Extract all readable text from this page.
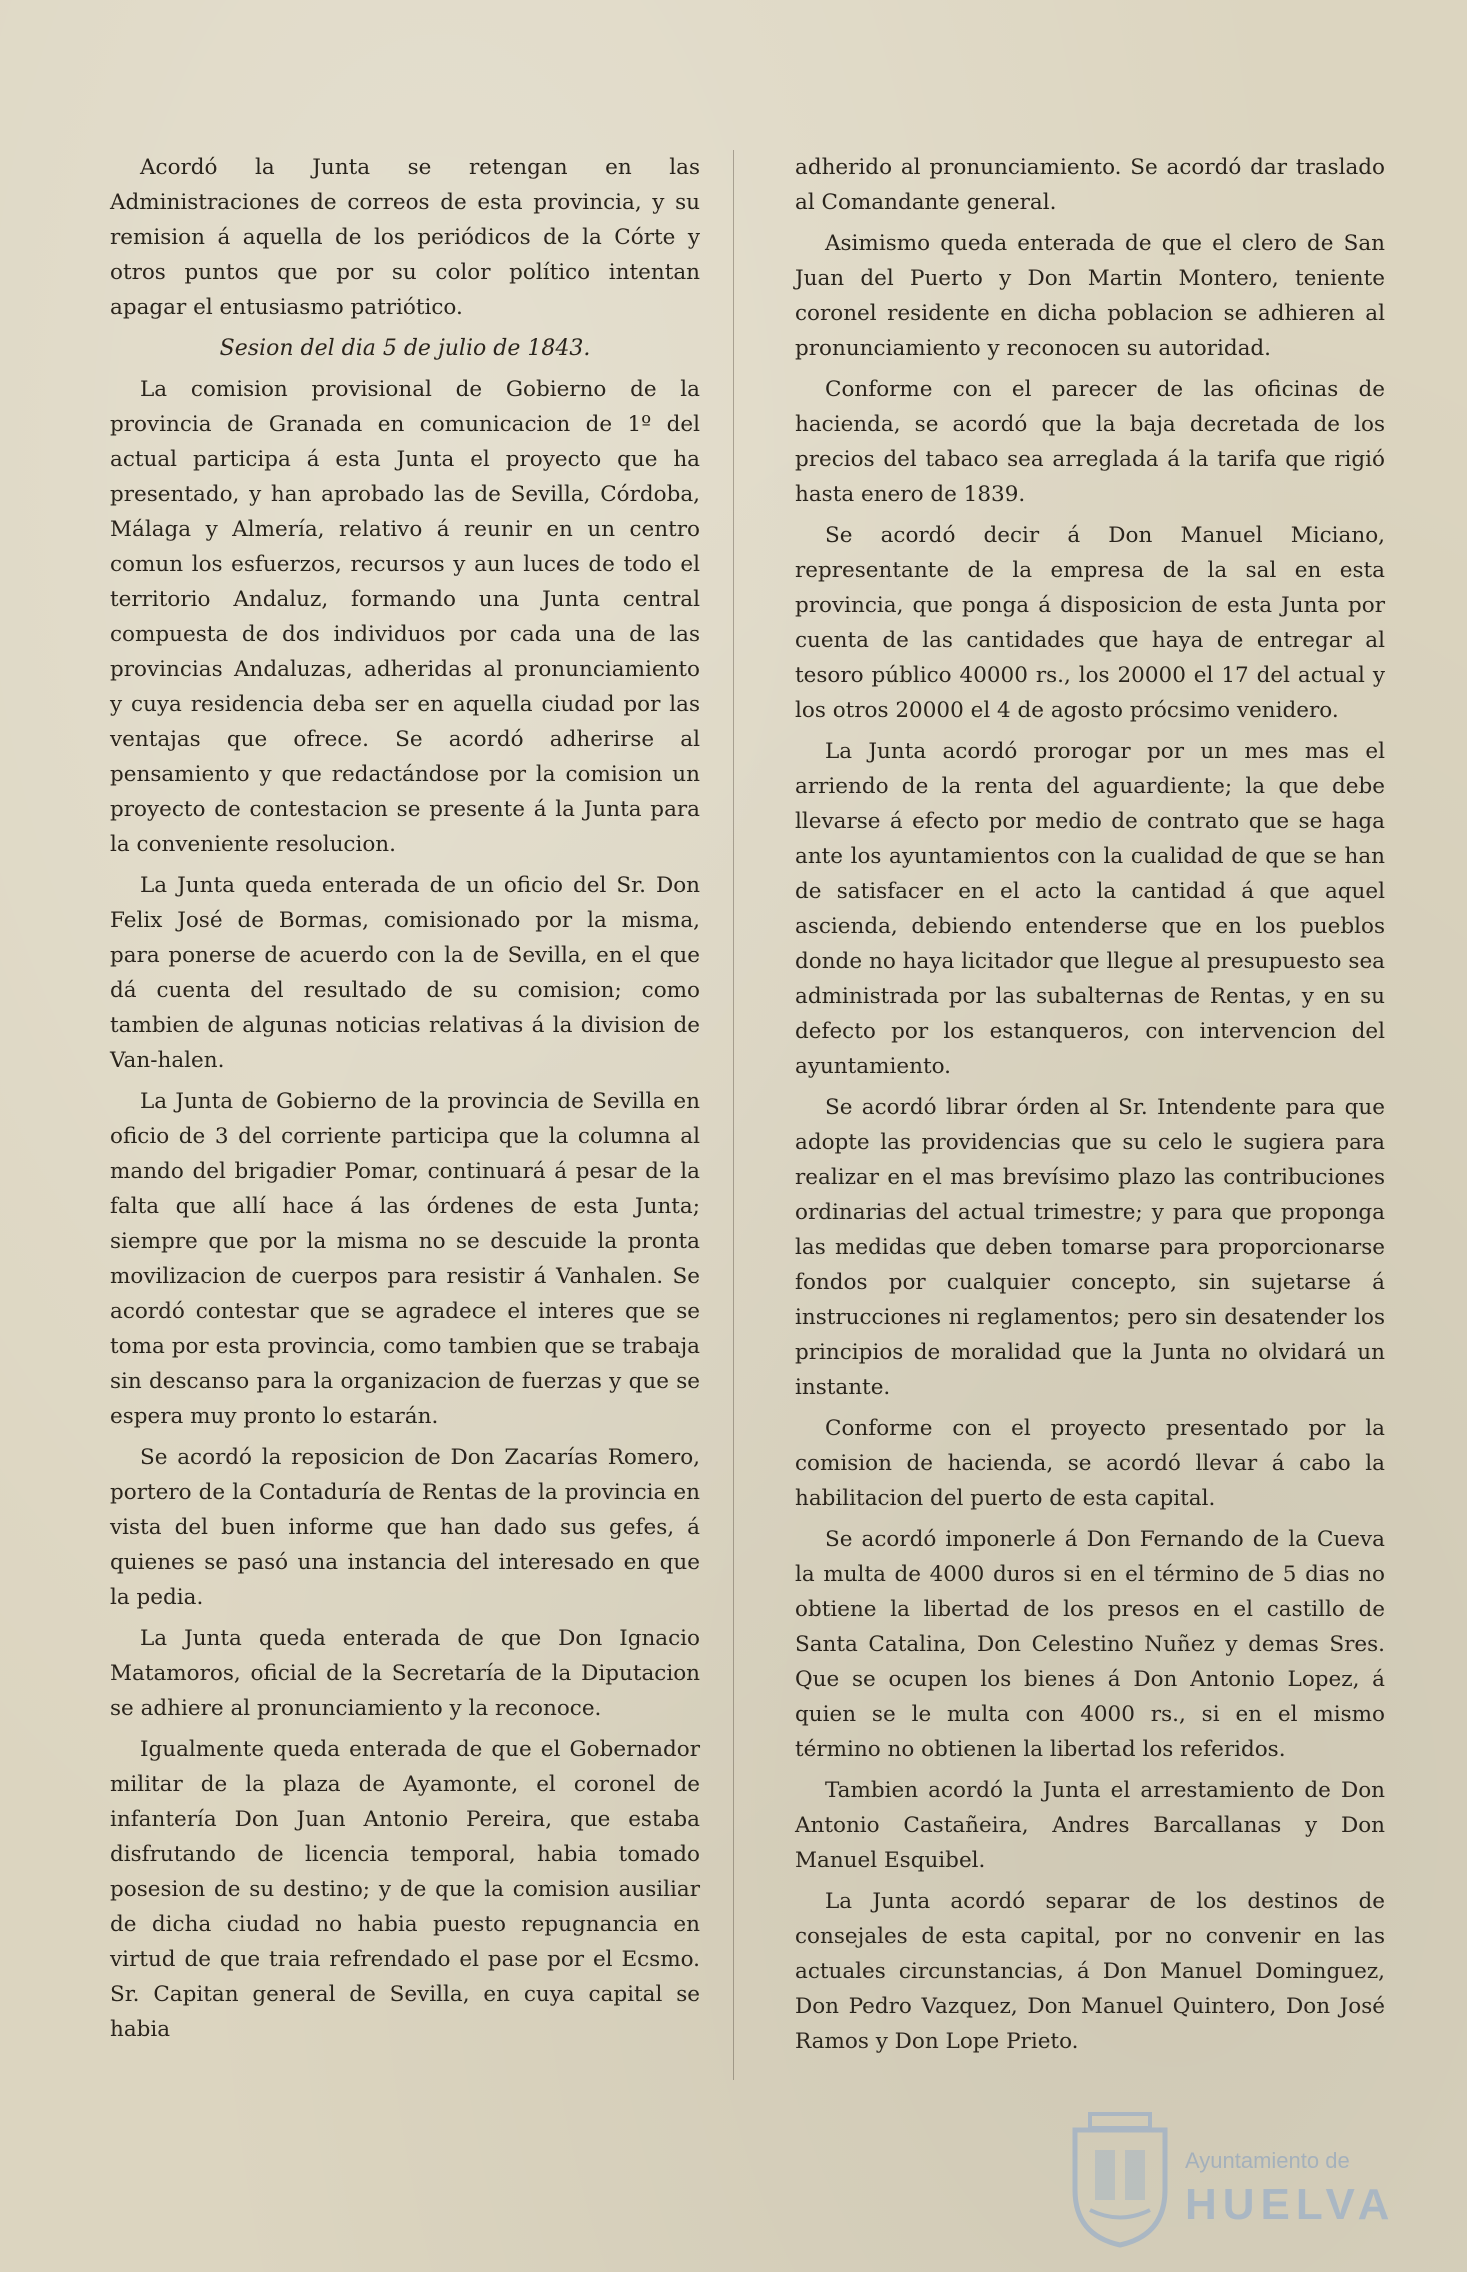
Acordó la Junta se retengan en las Administraciones de correos de esta provincia, y su remision á aquella de los periódicos de la Córte y otros puntos que por su color político intentan apagar el entusiasmo patriótico.

Sesion del dia 5 de julio de 1843.

La comision provisional de Gobierno de la provincia de Granada en comunicacion de 1º del actual participa á esta Junta el proyecto que ha presentado, y han aprobado las de Sevilla, Córdoba, Málaga y Almería, relativo á reunir en un centro comun los esfuerzos, recursos y aun luces de todo el territorio Andaluz, formando una Junta central compuesta de dos individuos por cada una de las provincias Andaluzas, adheridas al pronunciamiento y cuya residencia deba ser en aquella ciudad por las ventajas que ofrece. Se acordó adherirse al pensamiento y que redactándose por la comision un proyecto de contestacion se presente á la Junta para la conveniente resolucion.

La Junta queda enterada de un oficio del Sr. Don Felix José de Bormas, comisionado por la misma, para ponerse de acuerdo con la de Sevilla, en el que dá cuenta del resultado de su comision; como tambien de algunas noticias relativas á la division de Van-halen.

La Junta de Gobierno de la provincia de Sevilla en oficio de 3 del corriente participa que la columna al mando del brigadier Pomar, continuará á pesar de la falta que allí hace á las órdenes de esta Junta; siempre que por la misma no se descuide la pronta movilizacion de cuerpos para resistir á Vanhalen. Se acordó contestar que se agradece el interes que se toma por esta provincia, como tambien que se trabaja sin descanso para la organizacion de fuerzas y que se espera muy pronto lo estarán.

Se acordó la reposicion de Don Zacarías Romero, portero de la Contaduría de Rentas de la provincia en vista del buen informe que han dado sus gefes, á quienes se pasó una instancia del interesado en que la pedia.

La Junta queda enterada de que Don Ignacio Matamoros, oficial de la Secretaría de la Diputacion se adhiere al pronunciamiento y la reconoce.

Igualmente queda enterada de que el Gobernador militar de la plaza de Ayamonte, el coronel de infantería Don Juan Antonio Pereira, que estaba disfrutando de licencia temporal, habia tomado posesion de su destino; y de que la comision ausiliar de dicha ciudad no habia puesto repugnancia en virtud de que traia refrendado el pase por el Ecsmo. Sr. Capitan general de Sevilla, en cuya capital se habia

adherido al pronunciamiento. Se acordó dar traslado al Comandante general.

Asimismo queda enterada de que el clero de San Juan del Puerto y Don Martin Montero, teniente coronel residente en dicha poblacion se adhieren al pronunciamiento y reconocen su autoridad.

Conforme con el parecer de las oficinas de hacienda, se acordó que la baja decretada de los precios del tabaco sea arreglada á la tarifa que rigió hasta enero de 1839.

Se acordó decir á Don Manuel Miciano, representante de la empresa de la sal en esta provincia, que ponga á disposicion de esta Junta por cuenta de las cantidades que haya de entregar al tesoro público 40000 rs., los 20000 el 17 del actual y los otros 20000 el 4 de agosto prócsimo venidero.

La Junta acordó prorogar por un mes mas el arriendo de la renta del aguardiente; la que debe llevarse á efecto por medio de contrato que se haga ante los ayuntamientos con la cualidad de que se han de satisfacer en el acto la cantidad á que aquel ascienda, debiendo entenderse que en los pueblos donde no haya licitador que llegue al presupuesto sea administrada por las subalternas de Rentas, y en su defecto por los estanqueros, con intervencion del ayuntamiento.

Se acordó librar órden al Sr. Intendente para que adopte las providencias que su celo le sugiera para realizar en el mas brevísimo plazo las contribuciones ordinarias del actual trimestre; y para que proponga las medidas que deben tomarse para proporcionarse fondos por cualquier concepto, sin sujetarse á instrucciones ni reglamentos; pero sin desatender los principios de moralidad que la Junta no olvidará un instante.

Conforme con el proyecto presentado por la comision de hacienda, se acordó llevar á cabo la habilitacion del puerto de esta capital.

Se acordó imponerle á Don Fernando de la Cueva la multa de 4000 duros si en el término de 5 dias no obtiene la libertad de los presos en el castillo de Santa Catalina, Don Celestino Nuñez y demas Sres. Que se ocupen los bienes á Don Antonio Lopez, á quien se le multa con 4000 rs., si en el mismo término no obtienen la libertad los referidos.

Tambien acordó la Junta el arrestamiento de Don Antonio Castañeira, Andres Barcallanas y Don Manuel Esquibel.

La Junta acordó separar de los destinos de consejales de esta capital, por no convenir en las actuales circunstancias, á Don Manuel Dominguez, Don Pedro Vazquez, Don Manuel Quintero, Don José Ramos y Don Lope Prieto.

Ayuntamiento de
HUELVA
